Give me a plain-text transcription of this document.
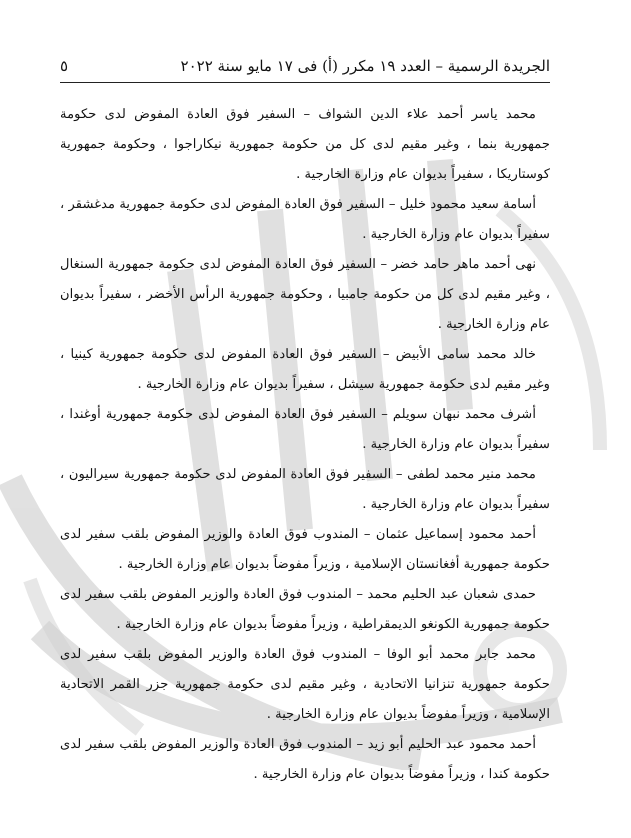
الجريدة الرسمية – العدد ١٩ مكرر (أ) فى ١٧ مايو سنة ٢٠٢٢
٥

محمد ياسر أحمد علاء الدين الشواف – السفير فوق العادة المفوض لدى حكومة جمهورية بنما ، وغير مقيم لدى كل من حكومة جمهورية نيكاراجوا ، وحكومة جمهورية كوستاريكا ، سفيراً بديوان عام وزارة الخارجية .

أسامة سعيد محمود خليل – السفير فوق العادة المفوض لدى حكومة جمهورية مدغشقر ، سفيراً بديوان عام وزارة الخارجية .

نهى أحمد ماهر حامد خضر – السفير فوق العادة المفوض لدى حكومة جمهورية السنغال ، وغير مقيم لدى كل من حكومة جامبيا ، وحكومة جمهورية الرأس الأخضر ، سفيراً بديوان عام وزارة الخارجية .

خالد محمد سامى الأبيض – السفير فوق العادة المفوض لدى حكومة جمهورية كينيا ، وغير مقيم لدى حكومة جمهورية سيشل ، سفيراً بديوان عام وزارة الخارجية .

أشرف محمد نبهان سويلم – السفير فوق العادة المفوض لدى حكومة جمهورية أوغندا ، سفيراً بديوان عام وزارة الخارجية .

محمد منير محمد لطفى – السفير فوق العادة المفوض لدى حكومة جمهورية سيراليون ، سفيراً بديوان عام وزارة الخارجية .

أحمد محمود إسماعيل عثمان – المندوب فوق العادة والوزير المفوض بلقب سفير لدى حكومة جمهورية أفغانستان الإسلامية ، وزيراً مفوضاً بديوان عام وزارة الخارجية .

حمدى شعبان عبد الحليم محمد – المندوب فوق العادة والوزير المفوض بلقب سفير لدى حكومة جمهورية الكونغو الديمقراطية ، وزيراً مفوضاً بديوان عام وزارة الخارجية .

محمد جابر محمد أبو الوفا – المندوب فوق العادة والوزير المفوض بلقب سفير لدى حكومة جمهورية تنزانيا الاتحادية ، وغير مقيم لدى حكومة جمهورية جزر القمر الاتحادية الإسلامية ، وزيراً مفوضاً بديوان عام وزارة الخارجية .

أحمد محمود عبد الحليم أبو زيد – المندوب فوق العادة والوزير المفوض بلقب سفير لدى حكومة كندا ، وزيراً مفوضاً بديوان عام وزارة الخارجية .
